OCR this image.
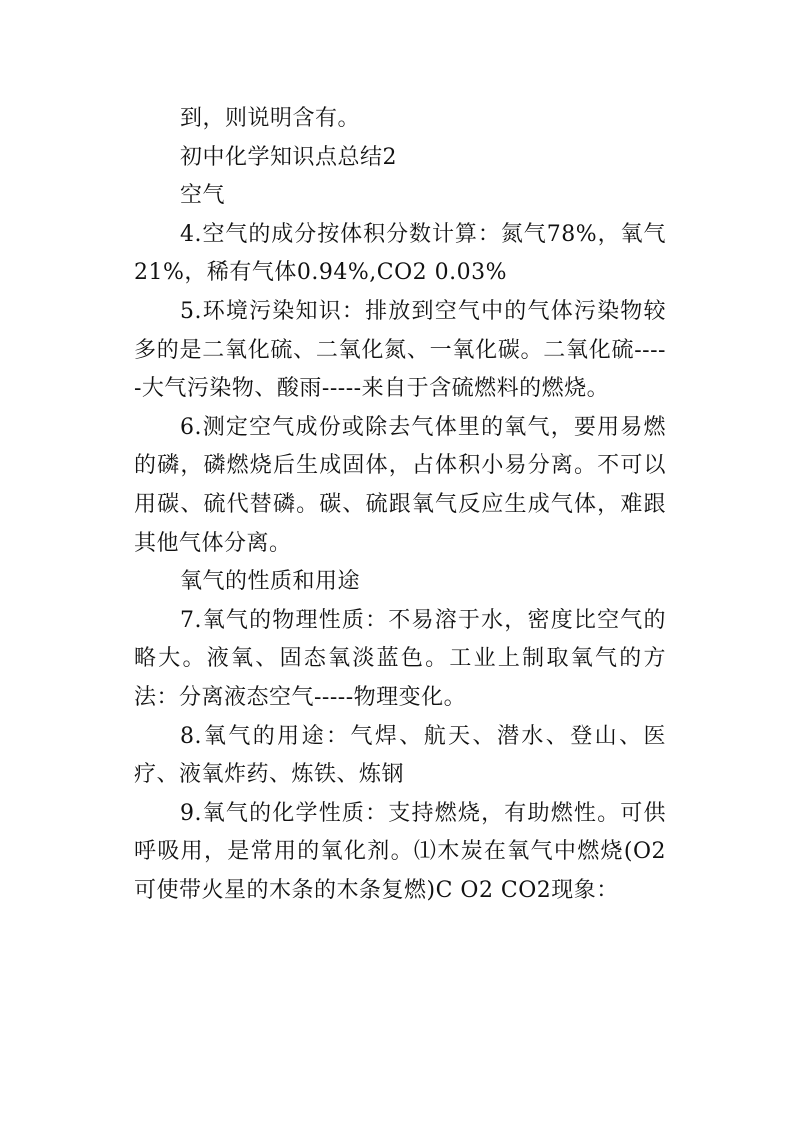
到，则说明含有。

初中化学知识点总结2

空气

4.空气的成分按体积分数计算：氮气78%，氧气21%，稀有气体0.94%,CO2 0.03%

5.环境污染知识：排放到空气中的气体污染物较多的是二氧化硫、二氧化氮、一氧化碳。二氧化硫-----大气污染物、酸雨-----来自于含硫燃料的燃烧。

6.测定空气成份或除去气体里的氧气，要用易燃的磷，磷燃烧后生成固体，占体积小易分离。不可以用碳、硫代替磷。碳、硫跟氧气反应生成气体，难跟其他气体分离。

氧气的性质和用途

7.氧气的物理性质：不易溶于水，密度比空气的略大。液氧、固态氧淡蓝色。工业上制取氧气的方法：分离液态空气-----物理变化。

8.氧气的用途：气焊、航天、潜水、登山、医疗、液氧炸药、炼铁、炼钢

9.氧气的化学性质：支持燃烧，有助燃性。可供呼吸用，是常用的氧化剂。⑴木炭在氧气中燃烧(O2可使带火星的木条的木条复燃)C O2 CO2现象：
